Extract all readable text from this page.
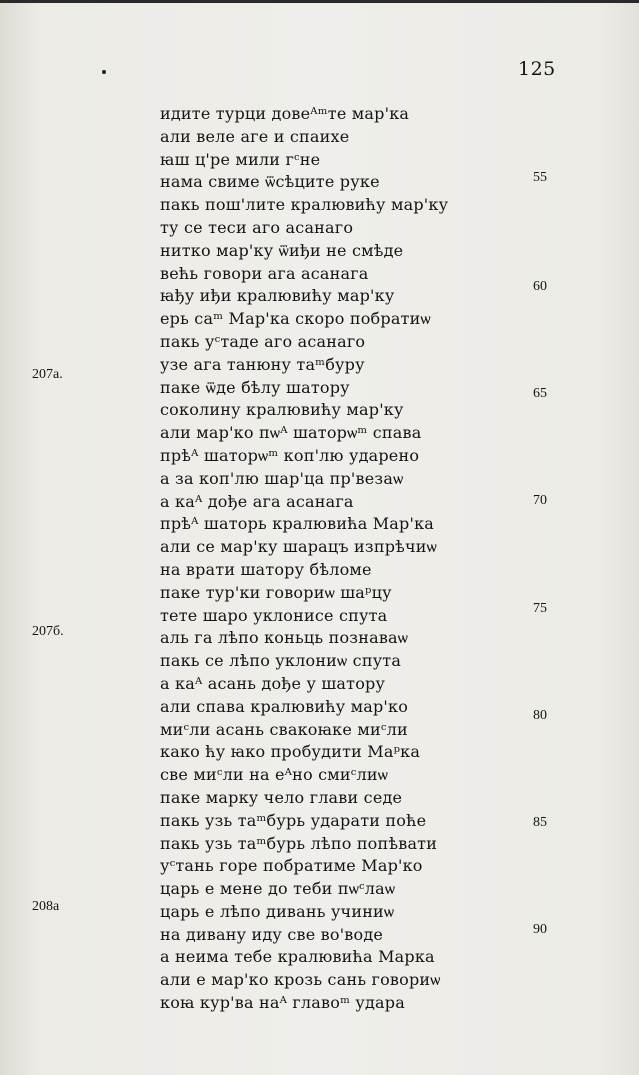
125
идите турци довеᴬᵐте мар'ка
али веле аге и спаихе
ꙗш ц'ре мили гᶜне
нама свиме ѿсѣците руке
пакь пош'лите кралювићу мар'ку
ту се теси аго асанаго
нитко мар'ку ѿиђи не смѣде
већь говори ага асанага
ꙗђу иђи кралювићу мар'ку
ерь саᵐ Мар'ка скоро побратиѡ
пакь уᶜтаде аго асанаго
узе ага танюну таᵐбуру
паке ѿде бѣлу шатору
соколину кралювићу мар'ку
али мар'ко пѡᴬ шаторѡᵐ спава
прѣᴬ шаторѡᵐ коп'лю ударено
а за коп'лю шар'ца пр'везаѡ
а каᴬ дође ага асанага
прѣᴬ шаторь кралювића Мар'ка
али се мар'ку шарацъ изпрѣчиѡ
на врати шатору бѣломе
паке тур'ки говориѡ шаᵖцу
тете шаро уклонисе спута
аль га лѣпо коньць познаваѡ
пакь се лѣпо уклониѡ спута
а каᴬ асань дође у шатору
али спава кралювићу мар'ко
миᶜли асань свакоꙗке миᶜли
како ћу ꙗко пробудити Маᵖка
све миᶜли на еᴬно смиᶜлиѡ
паке марку чело глави седе
пакь узь таᵐбурь ударати поће
пакь узь таᵐбурь лѣпо попѣвати
уᶜтань горе побратиме Мар'ко
царь е мене до теби пѡᶜлаѡ
царь е лѣпо дивань учиниѡ
на дивану иду све во'воде
а неима тебе кралювића Марка
али е мар'ко крозь сань говориѡ
коꙗ кур'ва наᴬ главоᵐ удара
55
60
65
70
75
80
85
90
207а.
207б.
208а
